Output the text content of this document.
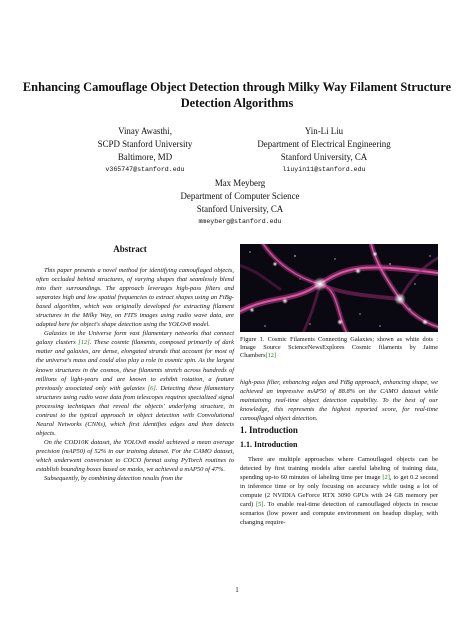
Enhancing Camouflage Object Detection through Milky Way Filament Structure
Detection Algorithms
Vinay Awasthi,
SCPD Stanford University
Baltimore, MD
v365747@stanford.edu
Yin-Li Liu
Department of Electrical Engineering
Stanford University, CA
liuyin11@stanford.edu
Max Meyberg
Department of Computer Science
Stanford University, CA
mmeyberg@stanford.edu
Abstract

This paper presents a novel method for identifying camouflaged objects, often occluded behind structures, of varying shapes that seamlessly blend into their surroundings. The approach leverages high-pass filters and separates high and low spatial frequencies to extract shapes using an FtBg-based algorithm, which was originally developed for extracting filament structures in the Milky Way, on FITS images using radio wave data, are adapted here for object's shape detection using the YOLOv8 model.

Galaxies in the Universe form vast filamentary networks that connect galaxy clusters [12]. These cosmic filaments, composed primarily of dark matter and galaxies, are dense, elongated strands that account for most of the universe's mass and could also play a role in cosmic spin. As the largest known structures in the cosmos, these filaments stretch across hundreds of millions of light-years and are known to exhibit rotation, a feature previously associated only with galaxies [6]. Detecting these filamentary structures using radio wave data from telescopes requires specialized signal processing techniques that reveal the objects' underlying structure, in contrast to the typical approach in object detection with Convolutional Neural Networks (CNNs), which first identifies edges and then detects objects.

On the COD10K dataset, the YOLOv8 model achieved a mean average precision (mAP50) of 52% in our training dataset. For the CAMO dataset, which underwent conversion to COCO format using PyTorch routines to establish bounding boxes based on masks, we achieved a mAP50 of 47%.

Subsequently, by combining detection results from the

Figure 1. Cosmic Filaments Connecting Galaxies; shown as white dots : Image Source ScienceNewsExplores Cosmic filaments by Jaime Chambers[12]

high-pass filter, enhancing edges and FtBg approach, enhancing shape, we achieved an impressive mAP50 of 88.8% on the CAMO dataset while maintaining real-time object detection capability. To the best of our knowledge, this represents the highest reported score, for real-time camouflaged object detection.

1. Introduction
1.1. Introduction

There are multiple approaches where Camouflaged objects can be detected by first training models after careful labeling of training data, spending up-to 60 minutes of labeling time per image [2], to get 0.2 second in inference time or by only focusing on accuracy while using a lot of compute (2 NVIDIA GeForce RTX 3090 GPUs with 24 GB memory per card) [5]. To enable real-time detection of camouflaged objects in rescue scenarios (low power and compute environment on headup display, with changing require-

1
